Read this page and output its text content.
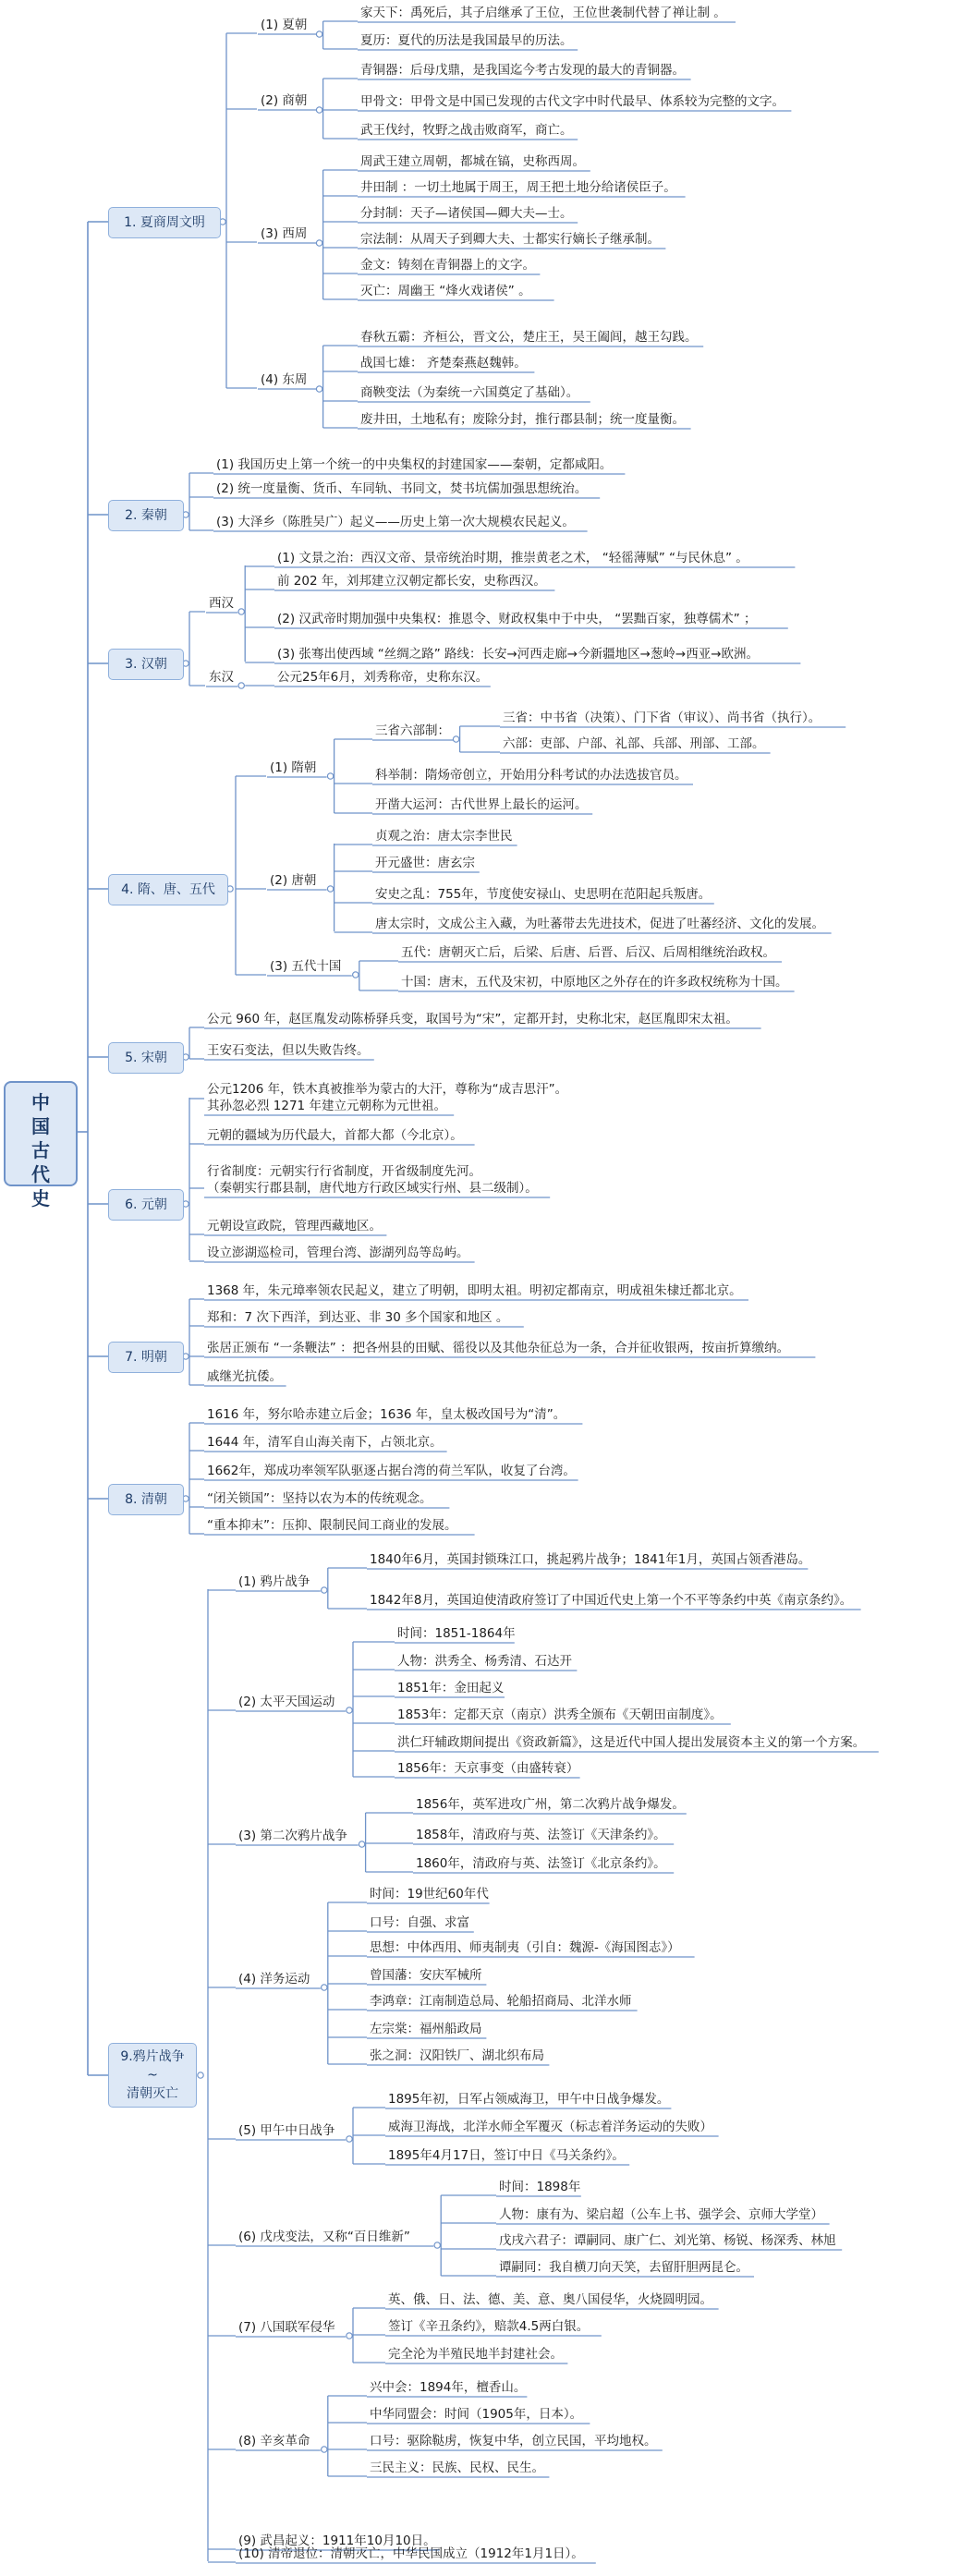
中
国
古
代
史
1. 夏商周文明
2. 秦朝
3. 汉朝
4. 隋、唐、五代
5. 宋朝
6. 元朝
7. 明朝
8. 清朝
9.鸦片战争
~
清朝灭亡
(1) 夏朝
家天下：禹死后，其子启继承了王位，王位世袭制代替了禅让制 。
夏历：夏代的历法是我国最早的历法。
(2) 商朝
青铜器：后母戊鼎，是我国迄今考古发现的最大的青铜器。
甲骨文：甲骨文是中国已发现的古代文字中时代最早、体系较为完整的文字。
武王伐纣，牧野之战击败商军，商亡。
(3) 西周
周武王建立周朝，都城在镐，史称西周。
井田制 ：一切土地属于周王，周王把土地分给诸侯臣子。
分封制：天子—诸侯国—卿大夫—士。
宗法制：从周天子到卿大夫、士都实行嫡长子继承制。
金文：铸刻在青铜器上的文字。
灭亡：周幽王 “烽火戏诸侯” 。
(4) 东周
春秋五霸：齐桓公，晋文公，楚庄王，吴王阖闾，越王勾践。
战国七雄： 齐楚秦燕赵魏韩。
商鞅变法（为秦统一六国奠定了基础）。
废井田，土地私有；废除分封，推行郡县制；统一度量衡。
(1) 我国历史上第一个统一的中央集权的封建国家——秦朝，定都咸阳。
(2) 统一度量衡、货币、车同轨、书同文，焚书坑儒加强思想统治。
(3) 大泽乡（陈胜吴广）起义——历史上第一次大规模农民起义。
西汉
东汉
(1) 文景之治：西汉文帝、景帝统治时期，推崇黄老之术， “轻徭薄赋” “与民休息” 。
前 202 年，刘邦建立汉朝定都长安，史称西汉。
(2) 汉武帝时期加强中央集权：推恩令、财政权集中于中央， “罢黜百家，独尊儒术” ；
(3) 张骞出使西域 “丝绸之路” 路线：长安→河西走廊→今新疆地区→葱岭→西亚→欧洲。
公元25年6月，刘秀称帝，史称东汉。
(1) 隋朝
三省六部制：
三省：中书省（决策）、门下省（审议）、尚书省（执行）。
六部：吏部、户部、礼部、兵部、刑部、工部。
科举制：隋炀帝创立，开始用分科考试的办法选拔官员。
开凿大运河：古代世界上最长的运河。
(2) 唐朝
贞观之治：唐太宗李世民
开元盛世：唐玄宗
安史之乱：755年，节度使安禄山、史思明在范阳起兵叛唐。
唐太宗时，文成公主入藏，为吐蕃带去先进技术，促进了吐蕃经济、文化的发展。
(3) 五代十国
五代：唐朝灭亡后，后梁、后唐、后晋、后汉、后周相继统治政权。
十国：唐末，五代及宋初，中原地区之外存在的许多政权统称为十国。
公元 960 年，赵匡胤发动陈桥驿兵变，取国号为“宋”，定都开封，史称北宋，赵匡胤即宋太祖。
王安石变法，但以失败告终。
公元1206 年，铁木真被推举为蒙古的大汗，尊称为“成吉思汗”。
其孙忽必烈 1271 年建立元朝称为元世祖。
元朝的疆域为历代最大，首都大都（今北京）。
行省制度：元朝实行行省制度，开省级制度先河。
（秦朝实行郡县制，唐代地方行政区域实行州、县二级制）。
元朝设宣政院，管理西藏地区。
设立澎湖巡检司，管理台湾、澎湖列岛等岛屿。
1368 年，朱元璋率领农民起义，建立了明朝，即明太祖。明初定都南京，明成祖朱棣迁都北京。
郑和：7 次下西洋，到达亚、非 30 多个国家和地区 。
张居正颁布 “一条鞭法” ：把各州县的田赋、徭役以及其他杂征总为一条，合并征收银两，按亩折算缴纳。
戚继光抗倭。
1616 年，努尔哈赤建立后金；1636 年，皇太极改国号为“清”。
1644 年，清军自山海关南下，占领北京。
1662年，郑成功率领军队驱逐占据台湾的荷兰军队，收复了台湾。
“闭关锁国”：坚持以农为本的传统观念。
“重本抑末”：压抑、限制民间工商业的发展。
(1) 鸦片战争
1840年6月，英国封锁珠江口，挑起鸦片战争；1841年1月，英国占领香港岛。
1842年8月，英国迫使清政府签订了中国近代史上第一个不平等条约中英《南京条约》。
(2) 太平天国运动
时间：1851-1864年
人物：洪秀全、杨秀清、石达开
1851年：金田起义
1853年：定都天京（南京）洪秀全颁布《天朝田亩制度》。
洪仁玕辅政期间提出《资政新篇》，这是近代中国人提出发展资本主义的第一个方案。
1856年：天京事变（由盛转衰）
(3) 第二次鸦片战争
1856年，英军进攻广州，第二次鸦片战争爆发。
1858年，清政府与英、法签订《天津条约》。
1860年，清政府与英、法签订《北京条约》。
(4) 洋务运动
时间：19世纪60年代
口号：自强、求富
思想：中体西用、师夷制夷（引自：魏源-《海国图志》）
曾国藩：安庆军械所
李鸿章：江南制造总局、轮船招商局、北洋水师
左宗棠：福州船政局
张之洞：汉阳铁厂、湖北织布局
(5) 甲午中日战争
1895年初，日军占领威海卫，甲午中日战争爆发。
威海卫海战，北洋水师全军覆灭（标志着洋务运动的失败）
1895年4月17日，签订中日《马关条约》。
(6) 戊戌变法，又称“百日维新”
时间：1898年
人物：康有为、梁启超（公车上书、强学会、京师大学堂）
戊戌六君子：谭嗣同、康广仁、刘光第、杨锐、杨深秀、林旭
谭嗣同：我自横刀向天笑，去留肝胆两昆仑。
(7) 八国联军侵华
英、俄、日、法、德、美、意、奥八国侵华，火烧圆明园。
签订《辛丑条约》，赔款4.5两白银。
完全沦为半殖民地半封建社会。
(8) 辛亥革命
兴中会：1894年，檀香山。
中华同盟会：时间（1905年，日本）。
口号：驱除鞑虏，恢复中华，创立民国，平均地权。
三民主义：民族、民权、民生。
(9) 武昌起义：1911年10月10日。
(10) 清帝退位：清朝灭亡，中华民国成立（1912年1月1日）。
